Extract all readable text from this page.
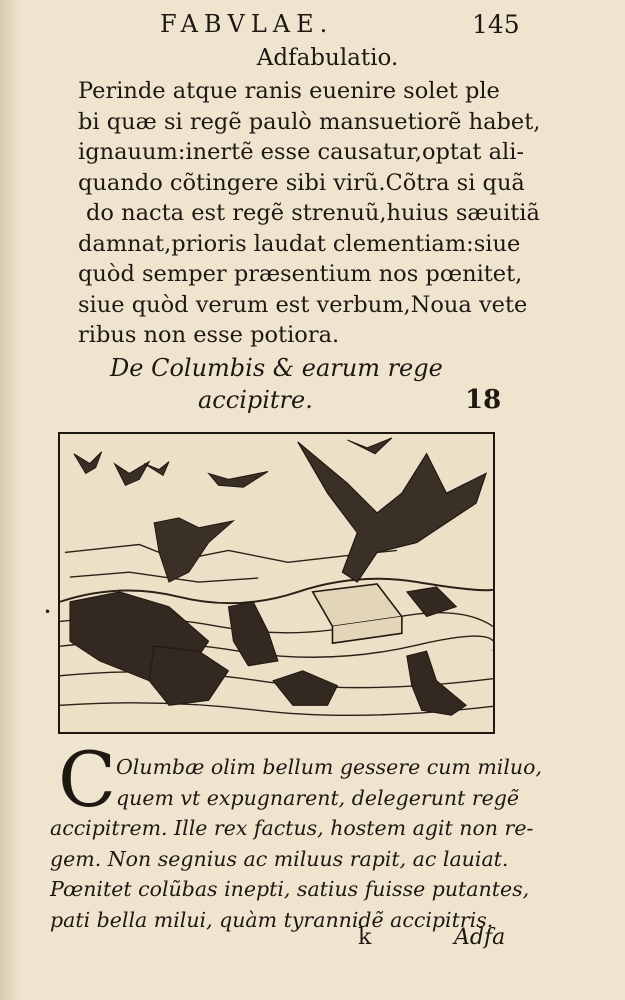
FABVLAE.	145
Adfabulatio.
Perinde atque ranis euenire solet ple
bi quæ si regẽ paulò mansuetiorẽ habet,
ignauum:inertẽ esse causatur,optat ali-
quando cõtingere sibi virũ.Cõtra si quã
do nacta est regẽ strenuũ,huius sæuitiã
damnat,prioris laudat clementiam:siue
quòd semper præsentium nos pœnitet,
siue quòd verum est verbum,Noua vete
ribus non esse potiora.
De Columbis & earum rege
accipitre.	18
•
C Olumbæ olim bellum gessere cum miluo,
quem vt expugnarent, delegerunt regẽ
accipitrem. Ille rex factus, hostem agit non re-
gem. Non segnius ac miluus rapit, ac lauiat.
Pœnitet colũbas inepti, satius fuisse putantes,
pati bella milui, quàm tyrannidẽ accipitris.
k	Adfa
